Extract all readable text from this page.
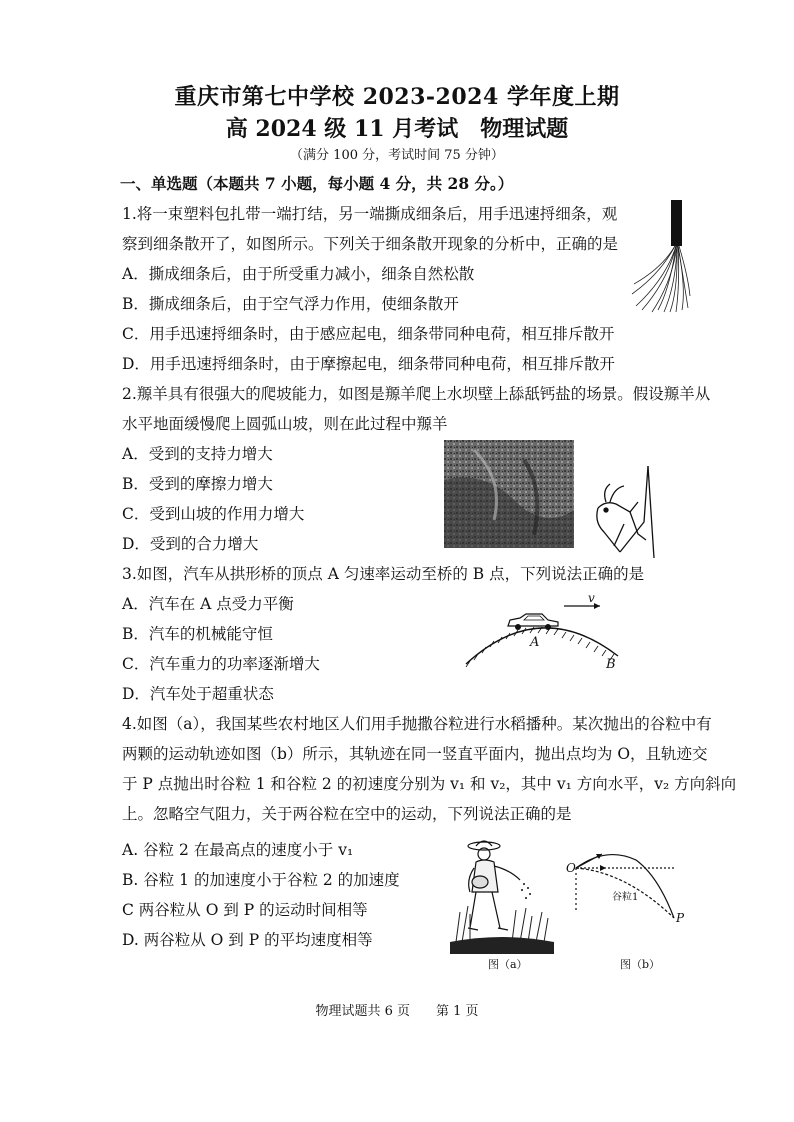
重庆市第七中学校 2023-2024 学年度上期
高 2024 级 11 月考试 物理试题
（满分 100 分，考试时间 75 分钟）
一、单选题（本题共 7 小题，每小题 4 分，共 28 分。）
1.将一束塑料包扎带一端打结，另一端撕成细条后，用手迅速捋细条，观
察到细条散开了，如图所示。下列关于细条散开现象的分析中，正确的是
A．撕成细条后，由于所受重力减小，细条自然松散
B．撕成细条后，由于空气浮力作用，使细条散开
C．用手迅速捋细条时，由于感应起电，细条带同种电荷，相互排斥散开
D．用手迅速捋细条时，由于摩擦起电，细条带同种电荷，相互排斥散开
2.羱羊具有很强大的爬坡能力，如图是羱羊爬上水坝壁上舔舐钙盐的场景。假设羱羊从
水平地面缓慢爬上圆弧山坡，则在此过程中羱羊
A．受到的支持力增大
B．受到的摩擦力增大
C．受到山坡的作用力增大
D．受到的合力增大
3.如图，汽车从拱形桥的顶点 A 匀速率运动至桥的 B 点，下列说法正确的是
A．汽车在 A 点受力平衡
B．汽车的机械能守恒
C．汽车重力的功率逐渐增大
D．汽车处于超重状态
v
A
B
4.如图（a），我国某些农村地区人们用手抛撒谷粒进行水稻播种。某次抛出的谷粒中有
两颗的运动轨迹如图（b）所示，其轨迹在同一竖直平面内，抛出点均为 O，且轨迹交
于 P 点抛出时谷粒 1 和谷粒 2 的初速度分别为 v₁ 和 v₂，其中 v₁ 方向水平，v₂ 方向斜向
上。忽略空气阻力，关于两谷粒在空中的运动，下列说法正确的是
A. 谷粒 2 在最高点的速度小于 v₁
B. 谷粒 1 的加速度小于谷粒 2 的加速度
C 两谷粒从 O 到 P 的运动时间相等
D. 两谷粒从 O 到 P 的平均速度相等
图（a）
O
P
谷粒1
图（b）
物理试题共 6 页 第 1 页
